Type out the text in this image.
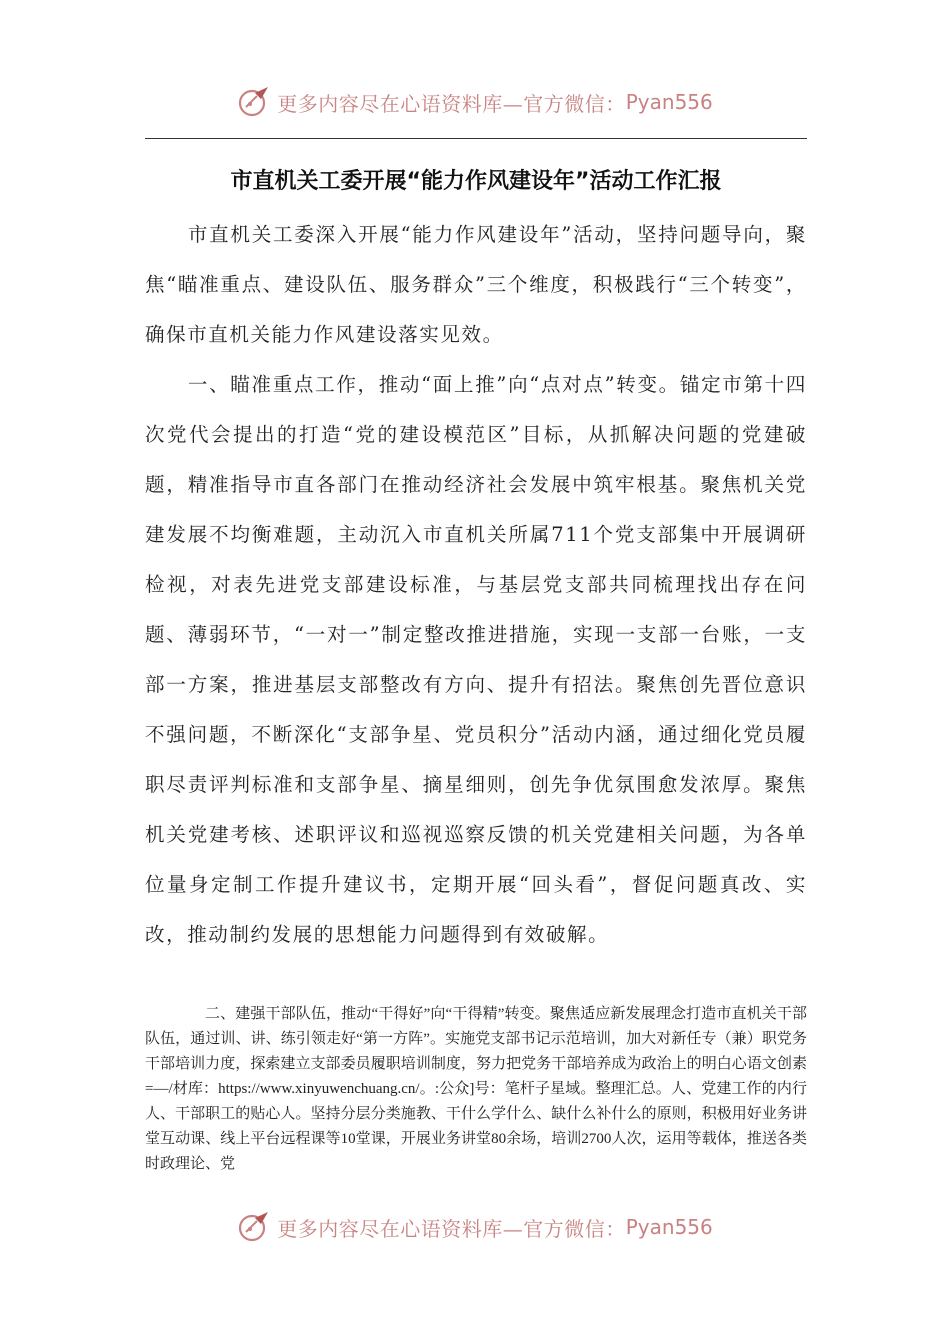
更多内容尽在心语资料库—官方微信： Pyan556
市直机关工委开展“能力作风建设年”活动工作汇报

市直机关工委深入开展“能力作风建设年”活动，坚持问题导向，聚焦“瞄准重点、建设队伍、服务群众”三个维度，积极践行“三个转变”，确保市直机关能力作风建设落实见效。

一、瞄准重点工作，推动“面上推”向“点对点”转变。锚定市第十四次党代会提出的打造“党的建设模范区”目标，从抓解决问题的党建破题，精准指导市直各部门在推动经济社会发展中筑牢根基。聚焦机关党建发展不均衡难题，主动沉入市直机关所属711个党支部集中开展调研检视，对表先进党支部建设标准，与基层党支部共同梳理找出存在问题、薄弱环节，“一对一”制定整改推进措施，实现一支部一台账，一支部一方案，推进基层支部整改有方向、提升有招法。聚焦创先晋位意识不强问题，不断深化“支部争星、党员积分”活动内涵，通过细化党员履职尽责评判标准和支部争星、摘星细则，创先争优氛围愈发浓厚。聚焦机关党建考核、述职评议和巡视巡察反馈的机关党建相关问题，为各单位量身定制工作提升建议书，定期开展“回头看”，督促问题真改、实改，推动制约发展的思想能力问题得到有效破解。

二、建强干部队伍，推动“干得好”向“干得精”转变。聚焦适应新发展理念打造市直机关干部队伍，通过训、讲、练引领走好“第一方阵”。实施党支部书记示范培训，加大对新任专（兼）职党务干部培训力度，探索建立支部委员履职培训制度，努力把党务干部培养成为政治上的明白心语文创素=—/材库：https://www.xinyuwenchuang.cn/。:公众]号：笔杆子星域。整理汇总。人、党建工作的内行人、干部职工的贴心人。坚持分层分类施教、干什么学什么、缺什么补什么的原则，积极用好业务讲堂互动课、线上平台远程课等10堂课，开展业务讲堂80余场，培训2700人次，运用等载体，推送各类时政理论、党

更多内容尽在心语资料库—官方微信： Pyan556
